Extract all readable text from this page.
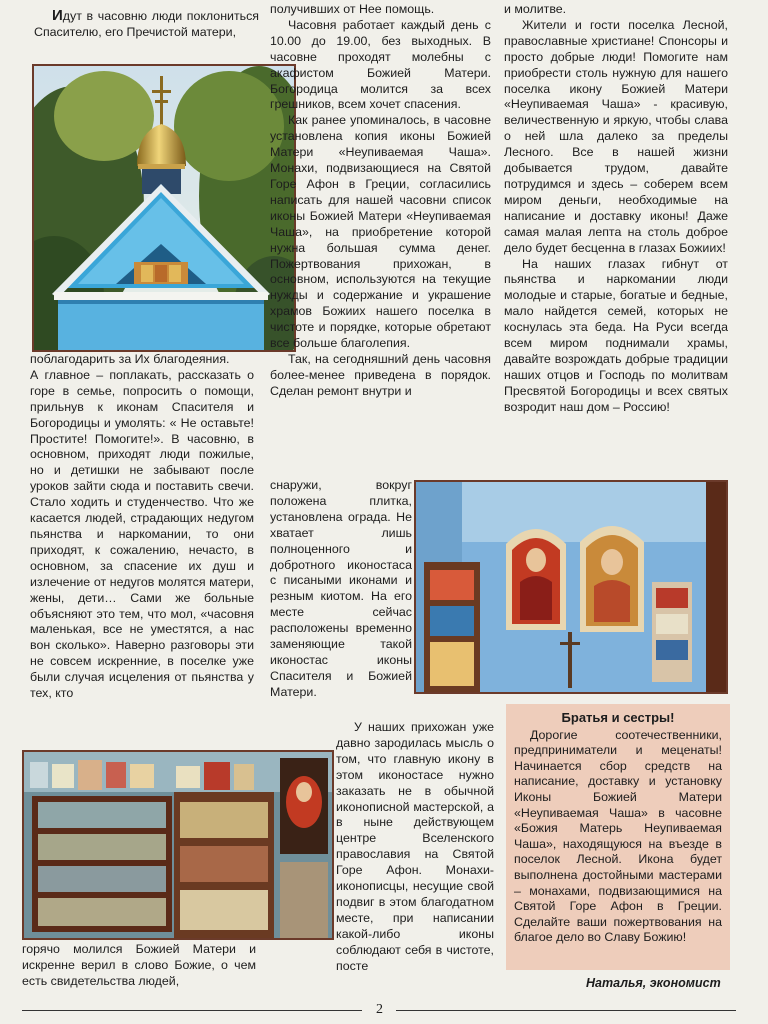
Идут в часовню люди поклониться Спасителю, его Пречистой матери,

поблагодарить за Их благодеяния.

А главное – поплакать, рассказать о горе в семье, попросить о помощи, прильнув к иконам Спасителя и Богородицы и умолять: « Не оставьте! Простите! Помогите!». В часовню, в основном, приходят люди пожилые, но и детишки не забывают после уроков зайти сюда и поставить свечи. Стало ходить и студенчество. Что же касается людей, страдающих недугом пьянства и наркомании, то они приходят, к сожалению, нечасто, в основном, за спасение их душ и излечение от недугов молятся матери, жены, дети… Сами же больные объясняют это тем, что мол, «часовня маленькая, все не уместятся, а нас вон сколько». Наверно разговоры эти не совсем искренние, в поселке уже были случая исцеления от пьянства у тех, кто

горячо молился Божией Матери и искренне верил в слово Божие, о чем есть свидетельства людей,

получивших от Нее помощь.

Часовня работает каждый день с 10.00 до 19.00, без выходных. В часовне проходят молебны с акафистом Божией Матери. Богородица молится за всех грешников, всем хочет спасения.

Как ранее упоминалось, в часовне установлена копия иконы Божией Матери «Неупиваемая Чаша». Монахи, подвизающиеся на Святой Горе Афон в Греции, согласились написать для нашей часовни список иконы Божией Матери «Неупиваемая Чаша», на приобретение которой нужна большая сумма денег. Пожертвования прихожан, в основном, используются на текущие нужды и содержание и украшение храмов Божиих нашего поселка в чистоте и порядке, которые обретают все больше благолепия.

Так, на сегодняшний день часовня более-менее приведена в порядок. Сделан ремонт внутри и

снаружи, вокруг положена плитка, установлена ограда. Не хватает лишь полноценного и добротного иконостаса с писаными иконами и резным киотом. На его месте сейчас расположены временно заменяющие такой иконостас иконы Спасителя и Божией Матери.

У наших прихожан уже давно зародилась мысль о том, что главную икону в этом иконостасе нужно заказать не в обычной иконописной мастерской, а в ныне действующем центре Вселенского православия на Святой Горе Афон. Монахи-иконописцы, несущие свой подвиг в этом благодатном месте, при написании какой-либо иконы соблюдают себя в чистоте, посте

и молитве.

Жители и гости поселка Лесной, православные христиане! Спонсоры и просто добрые люди! Помогите нам приобрести столь нужную для нашего поселка икону Божией Матери «Неупиваемая Чаша» - красивую, величественную и яркую, чтобы слава о ней шла далеко за пределы Лесного. Все в нашей жизни добывается трудом, давайте потрудимся и здесь – соберем всем миром деньги, необходимые на написание и доставку иконы! Даже самая малая лепта на столь доброе дело будет бесценна в глазах Божиих!

На наших глазах гибнут от пьянства и наркомании люди молодые и старые, богатые и бедные, мало найдется семей, которых не коснулась эта беда. На Руси всегда всем миром поднимали храмы, давайте возрождать добрые традиции наших отцов и Господь по молитвам Пресвятой Богородицы и всех святых возродит наш дом – Россию!

Братья и сестры!

Дорогие соотечественники, предприниматели и меценаты! Начинается сбор средств на написание, доставку и установку Иконы Божией Матери «Неупиваемая Чаша» в часовне «Божия Матерь Неупиваемая Чаша», находящуюся на въезде в поселок Лесной. Икона будет выполнена достойными мастерами – монахами, подвизающимися на Святой Горе Афон в Греции. Сделайте ваши пожертвования на благое дело во Славу Божию!

Наталья, экономист
2
